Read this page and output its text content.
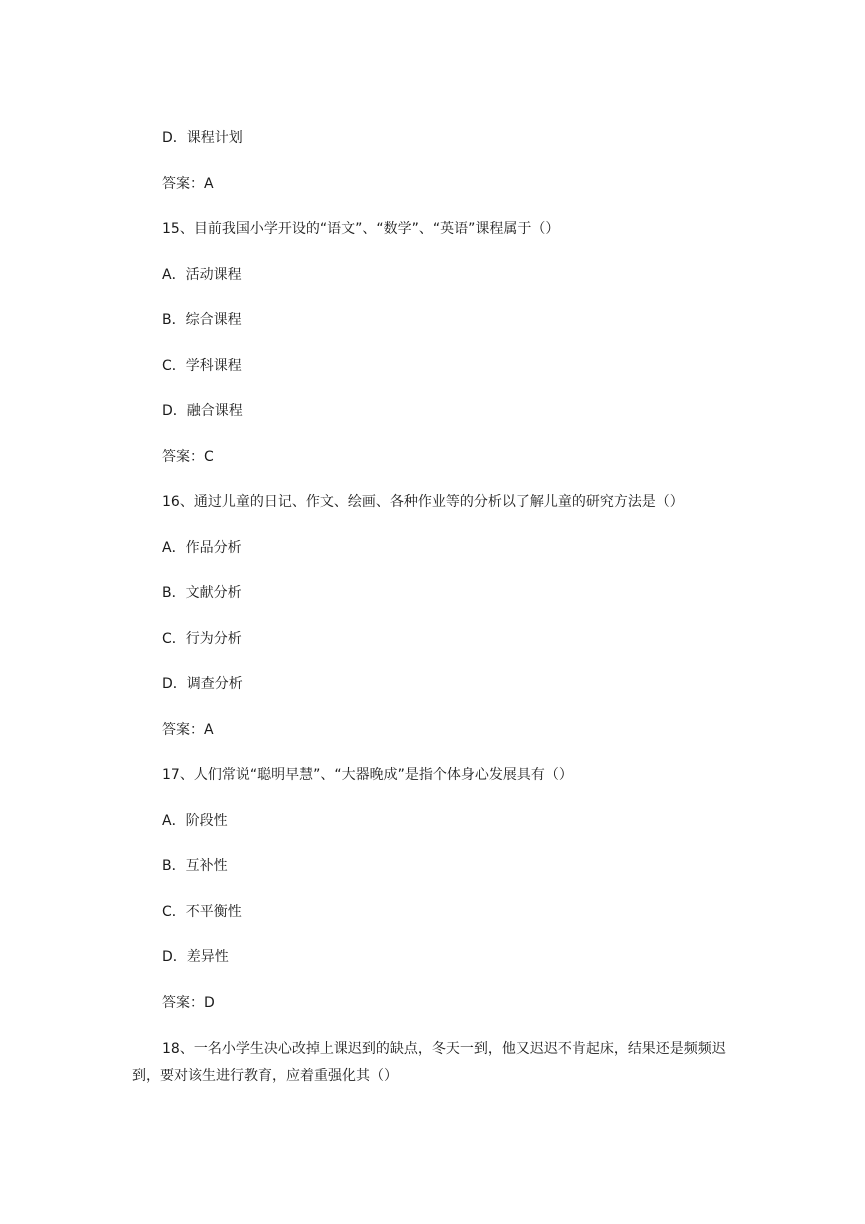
D．课程计划
答案：A
15、目前我国小学开设的“语文”、“数学”、“英语”课程属于（）
A．活动课程
B．综合课程
C．学科课程
D．融合课程
答案：C
16、通过儿童的日记、作文、绘画、各种作业等的分析以了解儿童的研究方法是（）
A．作品分析
B．文献分析
C．行为分析
D．调查分析
答案：A
17、人们常说“聪明早慧”、“大器晚成”是指个体身心发展具有（）
A．阶段性
B．互补性
C．不平衡性
D．差异性
答案：D
18、一名小学生决心改掉上课迟到的缺点，冬天一到，他又迟迟不肯起床，结果还是频频迟到，要对该生进行教育，应着重强化其（）
